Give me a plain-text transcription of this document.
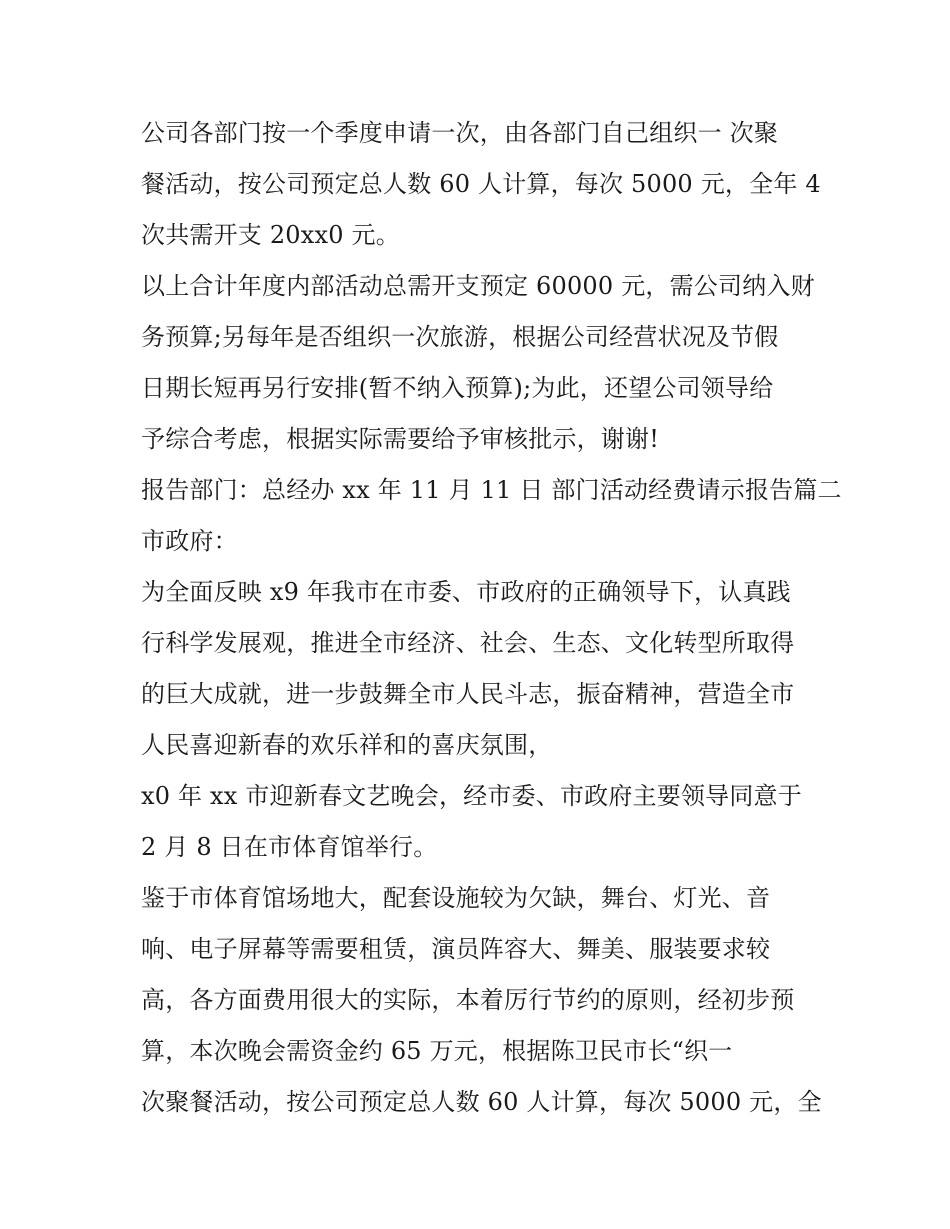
公司各部门按一个季度申请一次，由各部门自己组织一 次聚
餐活动，按公司预定总人数 60 人计算，每次 5000 元，全年 4
次共需开支 20xx0 元。
以上合计年度内部活动总需开支预定 60000 元，需公司纳入财
务预算;另每年是否组织一次旅游，根据公司经营状况及节假
日期长短再另行安排(暂不纳入预算);为此，还望公司领导给
予综合考虑，根据实际需要给予审核批示，谢谢!
报告部门：总经办 xx 年 11 月 11 日 部门活动经费请示报告篇二
市政府：
为全面反映 x9 年我市在市委、市政府的正确领导下，认真践
行科学发展观，推进全市经济、社会、生态、文化转型所取得
的巨大成就，进一步鼓舞全市人民斗志，振奋精神，营造全市
人民喜迎新春的欢乐祥和的喜庆氛围，
x0 年 xx 市迎新春文艺晚会，经市委、市政府主要领导同意于
2 月 8 日在市体育馆举行。
鉴于市体育馆场地大，配套设施较为欠缺，舞台、灯光、音
响、电子屏幕等需要租赁，演员阵容大、舞美、服装要求较
高，各方面费用很大的实际，本着厉行节约的原则，经初步预
算，本次晚会需资金约 65 万元，根据陈卫民市长“织一
次聚餐活动，按公司预定总人数 60 人计算，每次 5000 元，全
